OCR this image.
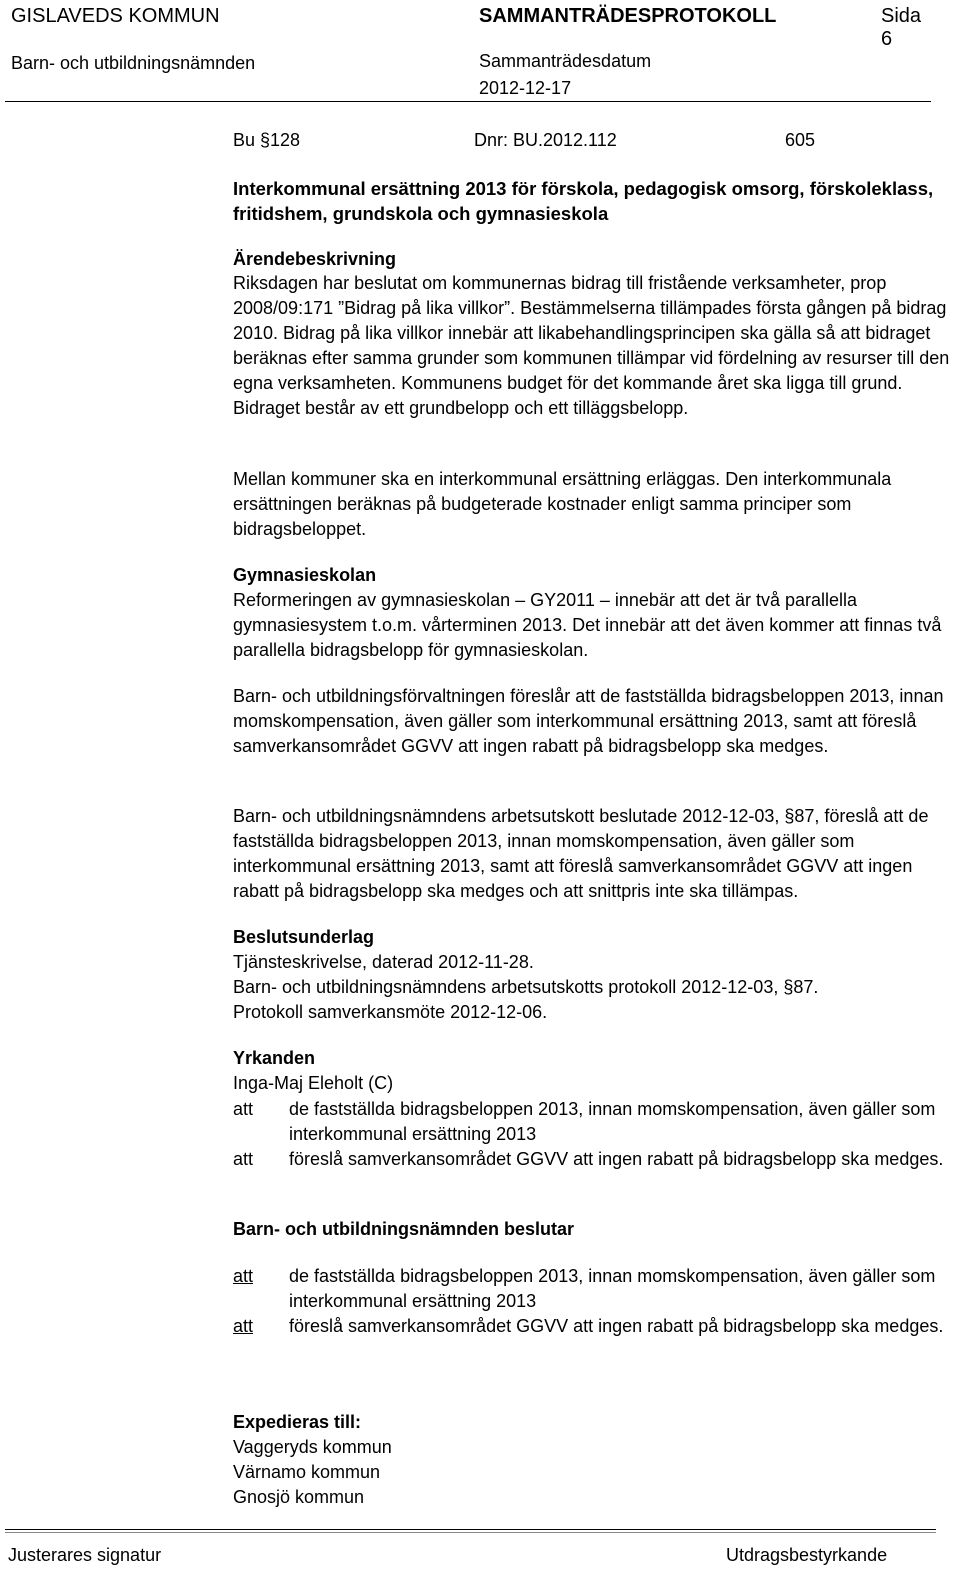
GISLAVEDS KOMMUN	SAMMANTRÄDESPROTOKOLL	Sida
6
Barn- och utbildningsnämnden	Sammanträdesdatum
2012-12-17
Bu §128	Dnr: BU.2012.112	605
Interkommunal ersättning 2013 för förskola, pedagogisk omsorg, förskoleklass, fritidshem, grundskola och gymnasieskola
Ärendebeskrivning
Riksdagen har beslutat om kommunernas bidrag till fristående verksamheter, prop 2008/09:171 ”Bidrag på lika villkor”. Bestämmelserna tillämpades första gången på bidrag 2010. Bidrag på lika villkor innebär att likabehandlingsprincipen ska gälla så att bidraget beräknas efter samma grunder som kommunen tillämpar vid fördelning av resurser till den egna verksamheten. Kommunens budget för det kommande året ska ligga till grund. Bidraget består av ett grundbelopp och ett tilläggsbelopp.
Mellan kommuner ska en interkommunal ersättning erläggas. Den interkommunala ersättningen beräknas på budgeterade kostnader enligt samma principer som bidragsbeloppet.
Gymnasieskolan
Reformeringen av gymnasieskolan – GY2011 – innebär att det är två parallella gymnasiesystem t.o.m. vårterminen 2013. Det innebär att det även kommer att finnas två parallella bidragsbelopp för gymnasieskolan.
Barn- och utbildningsförvaltningen föreslår att de fastställda bidragsbeloppen 2013, innan momskompensation, även gäller som interkommunal ersättning 2013, samt att föreslå samverkansområdet GGVV att ingen rabatt på bidragsbelopp ska medges.
Barn- och utbildningsnämndens arbetsutskott beslutade 2012-12-03, §87, föreslå att de fastställda bidragsbeloppen 2013, innan momskompensation, även gäller som interkommunal ersättning 2013, samt att föreslå samverkansområdet GGVV att ingen rabatt på bidragsbelopp ska medges och att snittpris inte ska tillämpas.
Beslutsunderlag
Tjänsteskrivelse, daterad 2012-11-28.
Barn- och utbildningsnämndens arbetsutskotts protokoll 2012-12-03, §87.
Protokoll samverkansmöte 2012-12-06.
Yrkanden
Inga-Maj Eleholt (C)
att de fastställda bidragsbeloppen 2013, innan momskompensation, även gäller som interkommunal ersättning 2013
att föreslå samverkansområdet GGVV att ingen rabatt på bidragsbelopp ska medges.
Barn- och utbildningsnämnden beslutar
att de fastställda bidragsbeloppen 2013, innan momskompensation, även gäller som interkommunal ersättning 2013
att föreslå samverkansområdet GGVV att ingen rabatt på bidragsbelopp ska medges.
Expedieras till:
Vaggeryds kommun
Värnamo kommun
Gnosjö kommun
Justerares signatur	Utdragsbestyrkande
